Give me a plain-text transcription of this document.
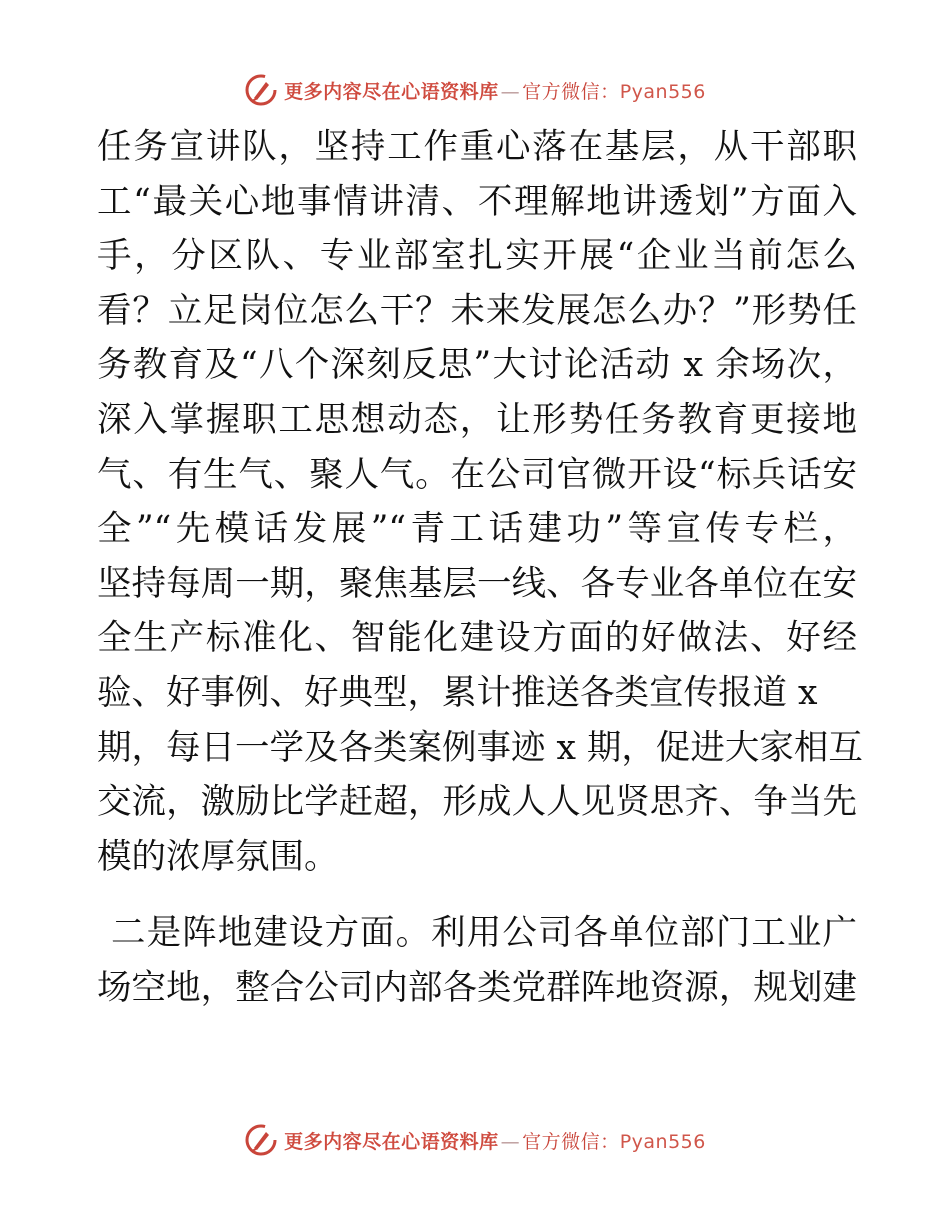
更多内容尽在心语资料库 — 官方微信：Pyan556
任务宣讲队，坚持工作重心落在基层，从干部职
工“最关心地事情讲清、不理解地讲透划”方面入
手，分区队、专业部室扎实开展“企业当前怎么
看？立足岗位怎么干？未来发展怎么办？”形势任
务教育及“八个深刻反思”大讨论活动 x 余场次，
深入掌握职工思想动态，让形势任务教育更接地
气、有生气、聚人气。在公司官微开设“标兵话安
全”“先模话发展”“青工话建功”等宣传专栏，
坚持每周一期，聚焦基层一线、各专业各单位在安
全生产标准化、智能化建设方面的好做法、好经
验、好事例、好典型，累计推送各类宣传报道 x
期，每日一学及各类案例事迹 x 期，促进大家相互
交流，激励比学赶超，形成人人见贤思齐、争当先
模的浓厚氛围。
二是阵地建设方面。利用公司各单位部门工业广
场空地，整合公司内部各类党群阵地资源，规划建
更多内容尽在心语资料库 — 官方微信：Pyan556
